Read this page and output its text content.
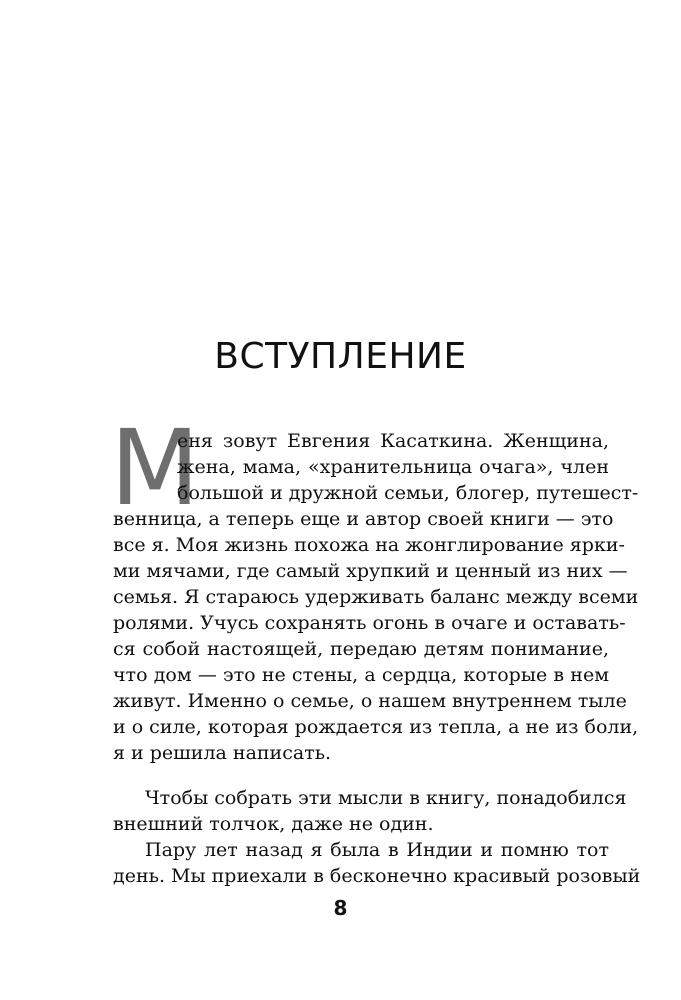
ВСТУПЛЕНИЕ
М
еня зовут Евгения Касаткина. Женщина,
жена, мама, «хранительница очага», член
большой и дружной семьи, блогер, путешест-
венница, а теперь еще и автор своей книги — это
все я. Моя жизнь похожа на жонглирование ярки-
ми мячами, где самый хрупкий и ценный из них —
семья. Я стараюсь удерживать баланс между всеми
ролями. Учусь сохранять огонь в очаге и оставать-
ся собой настоящей, передаю детям понимание,
что дом — это не стены, а сердца, которые в нем
живут. Именно о семье, о нашем внутреннем тыле
и о силе, которая рождается из тепла, а не из боли,
я и решила написать.
Чтобы собрать эти мысли в книгу, понадобился
внешний толчок, даже не один.
Пару лет назад я была в Индии и помню тот
день. Мы приехали в бесконечно красивый розовый
8
